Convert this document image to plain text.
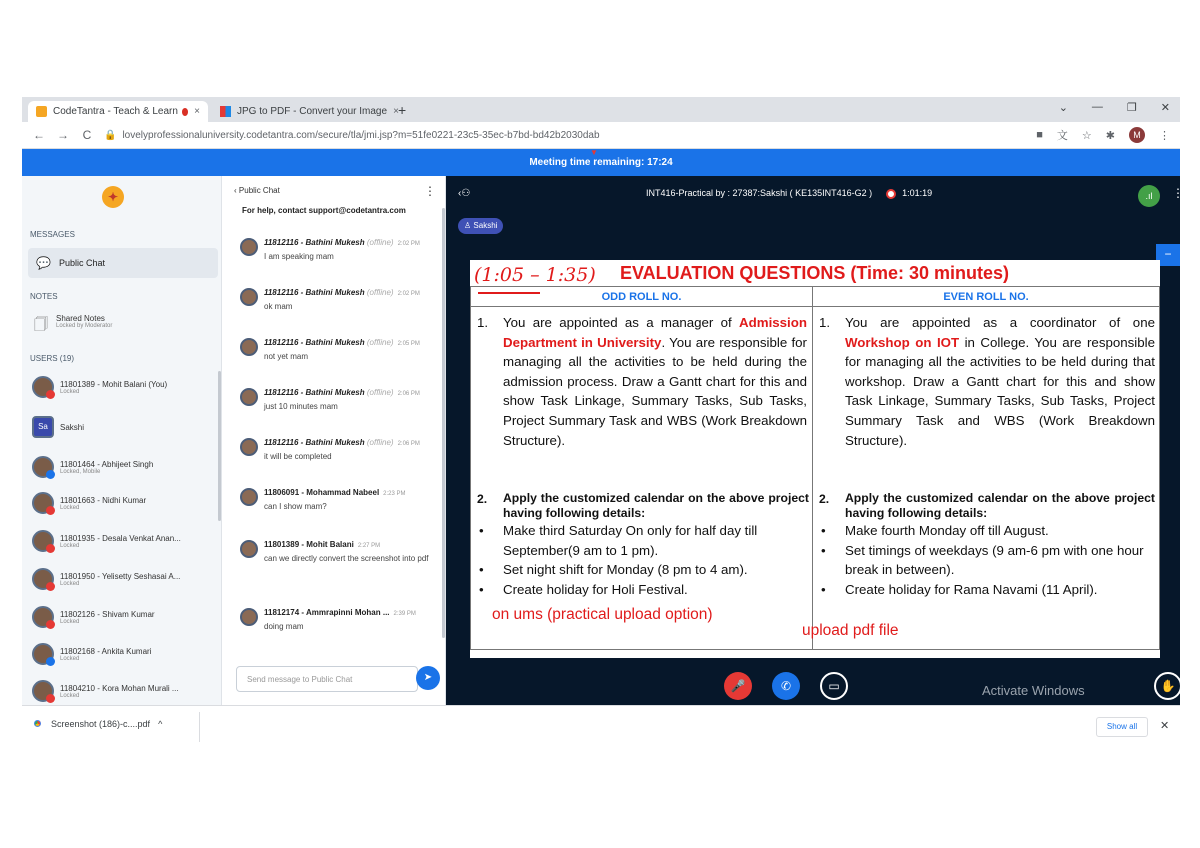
CodeTantra - Teach & Learn ×	JPG to PDF - Convert your Image × +	⌄ — ❐ ✕
← → C 🔒 lovelyprofessionaluniversity.codetantra.com/secure/tla/jmi.jsp?m=51fe0221-23c5-35ec-b7bd-bd42b2030dab	■ 文 ☆ ✱	M	⋮
▼
Meeting time remaining: 17:24
✦
MESSAGES
💬 Public Chat
NOTES
🗍 Shared Notes
Locked by Moderator
USERS (19)
11801389 - Mohit Balani (You)
Locked
Sa	Sakshi
11801464 - Abhijeet Singh
Locked, Mobile
11801663 - Nidhi Kumar
Locked
11801935 - Desala Venkat Anan...
Locked
11801950 - Yelisetty Seshasai A...
Locked
11802126 - Shivam Kumar
Locked
11802168 - Ankita Kumari
Locked
11804210 - Kora Mohan Murali ...
Locked
‹ Public Chat	⋮
For help, contact support@codetantra.com
11812116 - Bathini Mukesh (offline) 2:02 PM
I am speaking mam
11812116 - Bathini Mukesh (offline) 2:02 PM
ok mam
11812116 - Bathini Mukesh (offline) 2:05 PM
not yet mam
11812116 - Bathini Mukesh (offline) 2:06 PM
just 10 minutes mam
11812116 - Bathini Mukesh (offline) 2:06 PM
it will be completed
11806091 - Mohammad Nabeel 2:23 PM
can I show mam?
11801389 - Mohit Balani 2:27 PM
can we directly convert the screenshot into pdf
11812174 - Ammrapinni Mohan ... 2:39 PM
doing mam
Send message to Public Chat	➤
‹⚇	INT416-Practical by : 27387:Sakshi ( KE135INT416-G2 )	1:01:19	.ıl	⋮
♙ Sakshi
−
(1:05 – 1:35) EVALUATION QUESTIONS (Time: 30 minutes)
ODD ROLL NO.
1. You are appointed as a manager of Admission Department in University. You are responsible for managing all the activities to be held during the admission process. Draw a Gantt chart for this and show Task Linkage, Summary Tasks, Sub Tasks, Project Summary Task and WBS (Work Breakdown Structure).
2. Apply the customized calendar on the above project having following details:
• Make third Saturday On only for half day till September(9 am to 1 pm).
• Set night shift for Monday (8 pm to 4 am).
• Create holiday for Holi Festival.
EVEN ROLL NO.
1. You are appointed as a coordinator of one Workshop on IOT in College. You are responsible for managing all the activities to be held during that workshop. Draw a Gantt chart for this and show Task Linkage, Summary Tasks, Sub Tasks, Project Summary Task and WBS (Work Breakdown Structure).
2. Apply the customized calendar on the above project having following details:
• Make fourth Monday off till August.
• Set timings of weekdays (9 am-6 pm with one hour break in between).
• Create holiday for Rama Navami (11 April).
on ums (practical upload option)
upload pdf file
🎤	✆	▭	✋
Activate Windows
Screenshot (186)-c....pdf ^	Show all	✕
